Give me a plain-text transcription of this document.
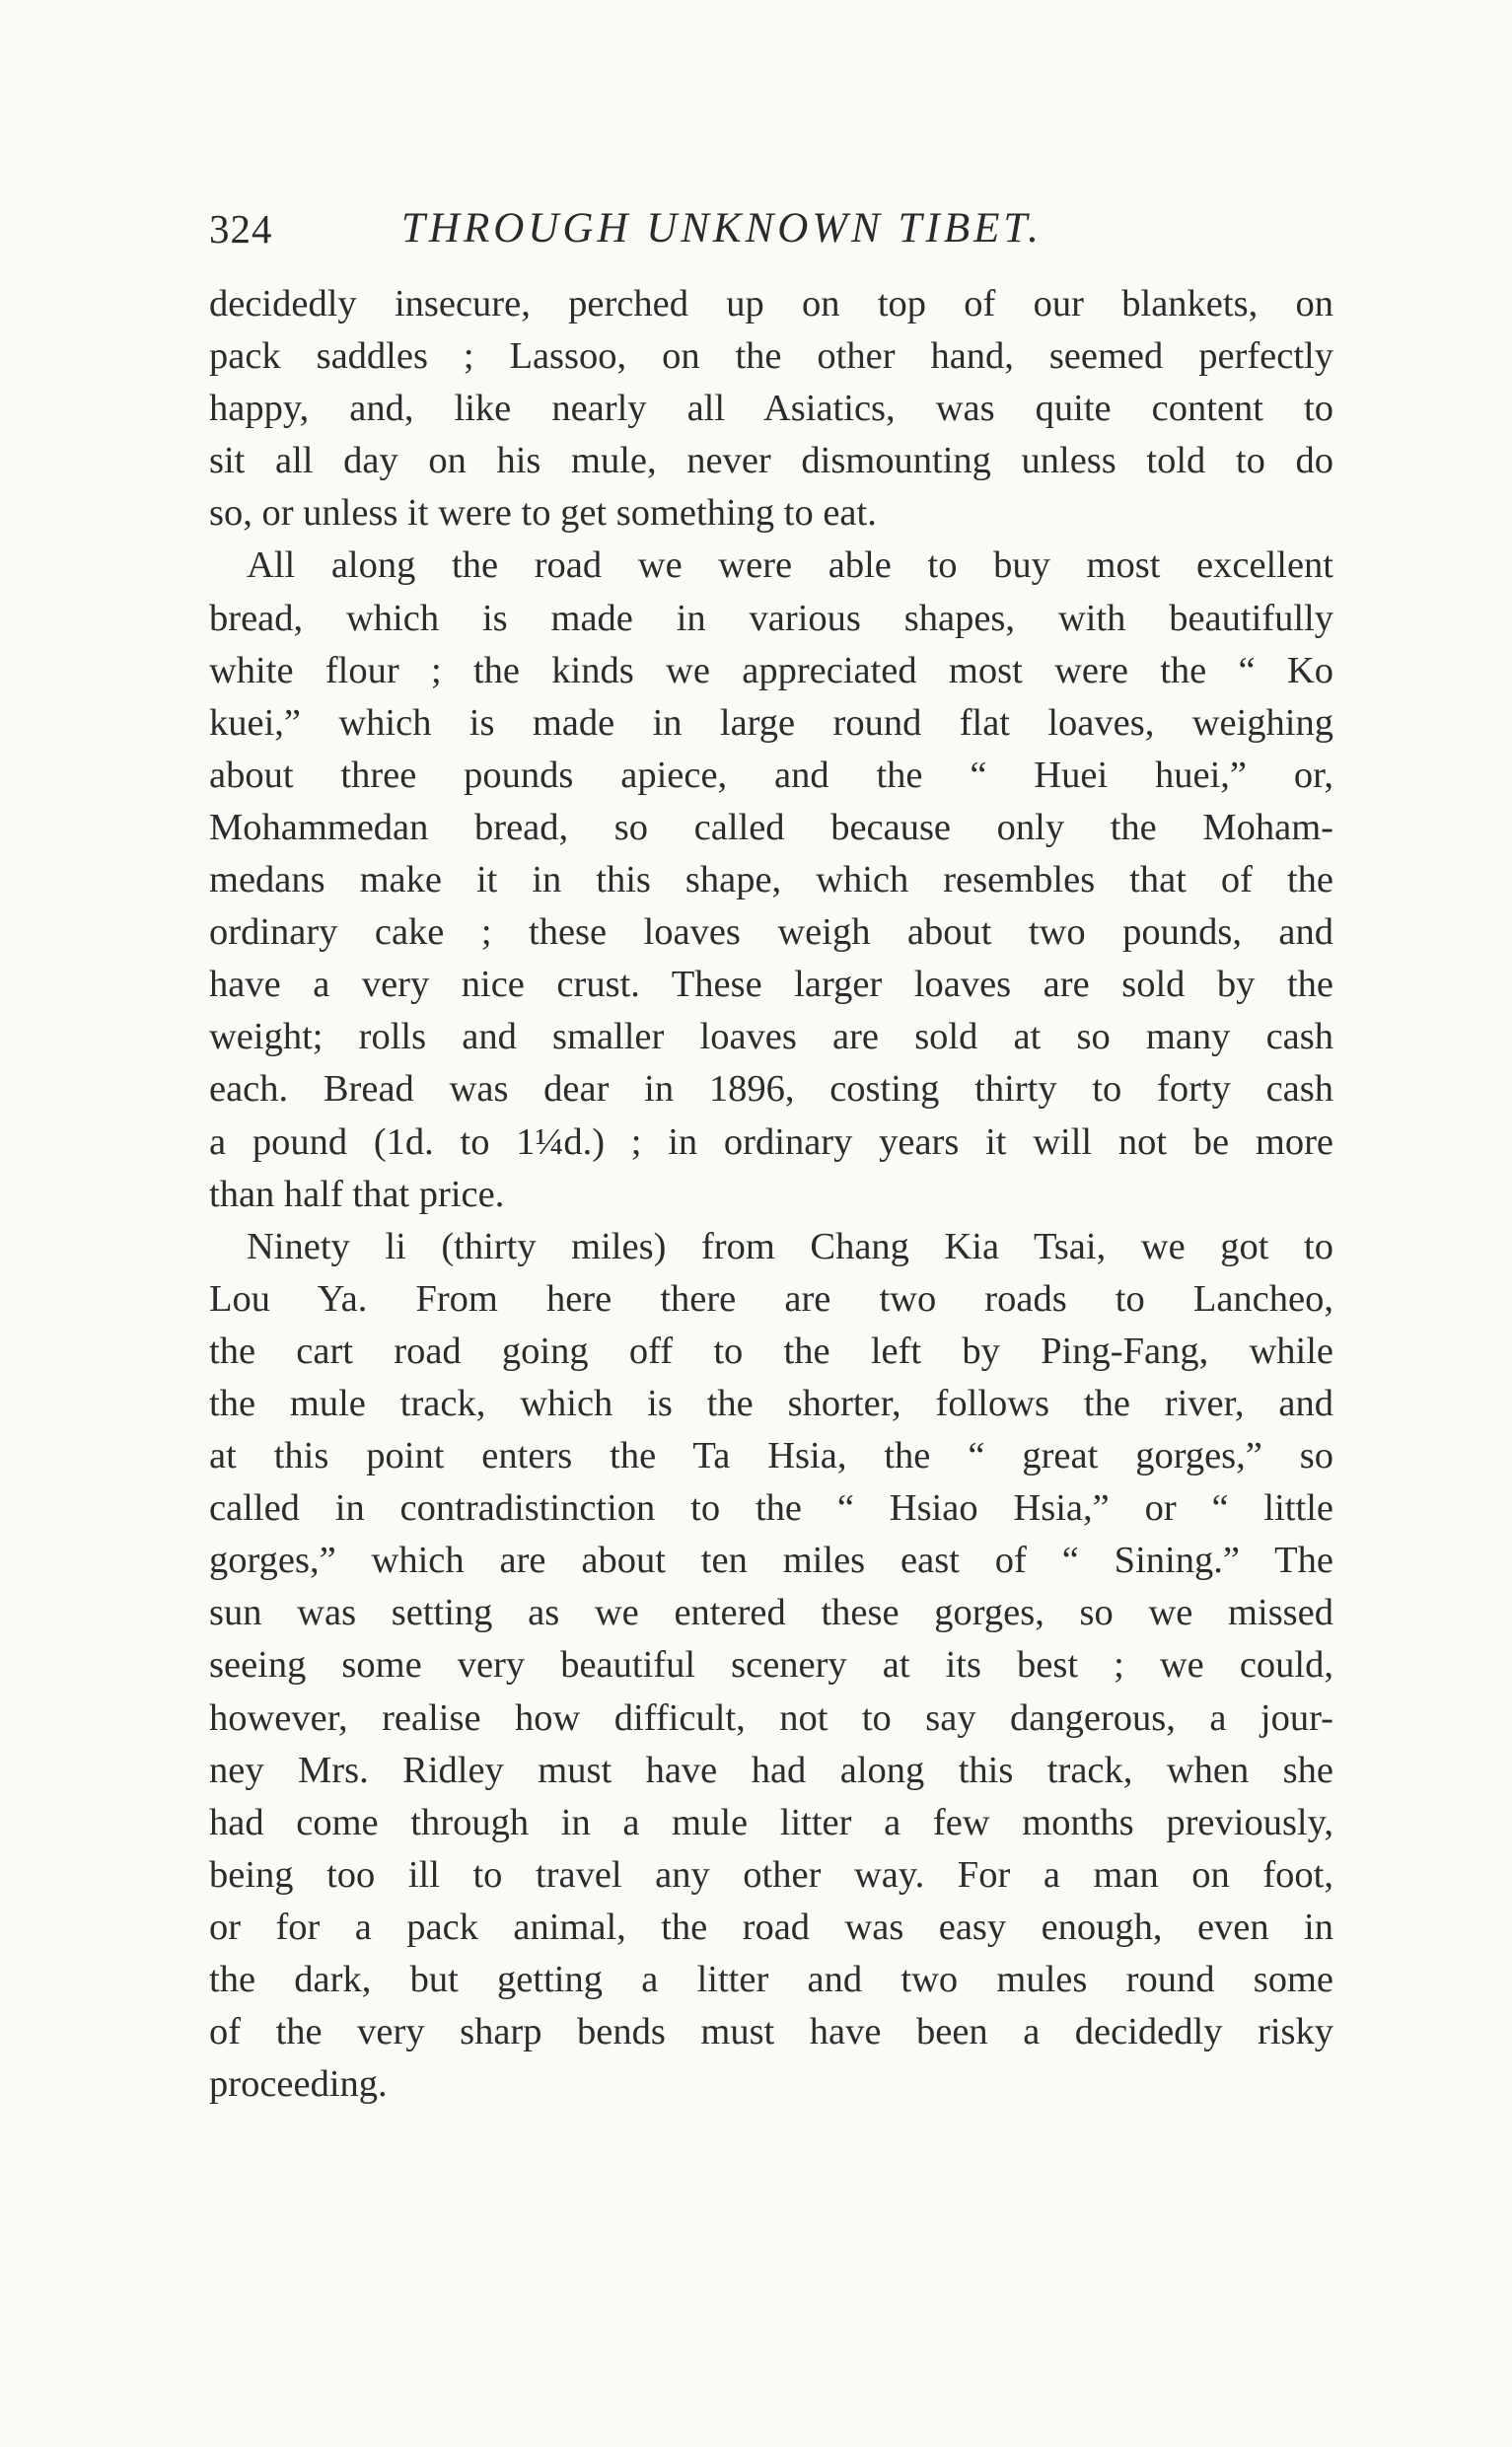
324	THROUGH UNKNOWN TIBET.
decidedly insecure, perched up on top of our blankets, on
pack saddles ; Lassoo, on the other hand, seemed perfectly
happy, and, like nearly all Asiatics, was quite content to
sit all day on his mule, never dismounting unless told to do
so, or unless it were to get something to eat.
All along the road we were able to buy most excellent
bread, which is made in various shapes, with beautifully
white flour ; the kinds we appreciated most were the “ Ko
kuei,” which is made in large round flat loaves, weighing
about three pounds apiece, and the “ Huei huei,” or,
Mohammedan bread, so called because only the Moham-
medans make it in this shape, which resembles that of the
ordinary cake ; these loaves weigh about two pounds, and
have a very nice crust. These larger loaves are sold by the
weight; rolls and smaller loaves are sold at so many cash
each. Bread was dear in 1896, costing thirty to forty cash
a pound (1d. to 1¼d.) ; in ordinary years it will not be more
than half that price.
Ninety li (thirty miles) from Chang Kia Tsai, we got to
Lou Ya. From here there are two roads to Lancheo,
the cart road going off to the left by Ping-Fang, while
the mule track, which is the shorter, follows the river, and
at this point enters the Ta Hsia, the “ great gorges,” so
called in contradistinction to the “ Hsiao Hsia,” or “ little
gorges,” which are about ten miles east of “ Sining.” The
sun was setting as we entered these gorges, so we missed
seeing some very beautiful scenery at its best ; we could,
however, realise how difficult, not to say dangerous, a jour-
ney Mrs. Ridley must have had along this track, when she
had come through in a mule litter a few months previously,
being too ill to travel any other way. For a man on foot,
or for a pack animal, the road was easy enough, even in
the dark, but getting a litter and two mules round some
of the very sharp bends must have been a decidedly risky
proceeding.
